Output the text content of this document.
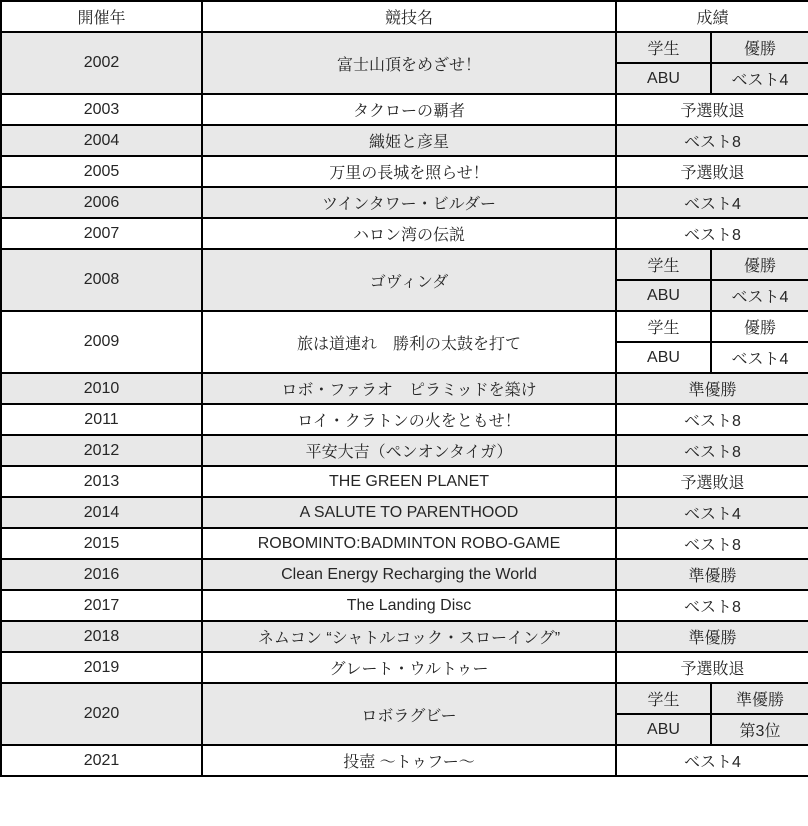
開催年	競技名	成績	
2002	富士山頂をめざせ！	学生	優勝
		ABU	ベスト4
2003	タクローの覇者	予選敗退	
2004	織姫と彦星	ベスト8	
2005	万里の長城を照らせ！	予選敗退	
2006	ツインタワー・ビルダー	ベスト4	
2007	ハロン湾の伝説	ベスト8	
2008	ゴヴィンダ	学生	優勝
		ABU	ベスト4
2009	旅は道連れ　勝利の太鼓を打て	学生	優勝
		ABU	ベスト4
2010	ロボ・ファラオ　ピラミッドを築け	準優勝	
2011	ロイ・クラトンの火をともせ！	ベスト8	
2012	平安大吉（ペンオンタイガ）	ベスト8	
2013	THE GREEN PLANET	予選敗退	
2014	A SALUTE TO PARENTHOOD	ベスト4	
2015	ROBOMINTO:BADMINTON ROBO-GAME	ベスト8	
2016	Clean Energy Recharging the World	準優勝	
2017	The Landing Disc	ベスト8	
2018	ネムコン “シャトルコック・スローイング”	準優勝	
2019	グレート・ウルトゥー	予選敗退	
2020	ロボラグビー	学生	準優勝
		ABU	第3位
2021	投壺 ～トゥフー～	ベスト4	
